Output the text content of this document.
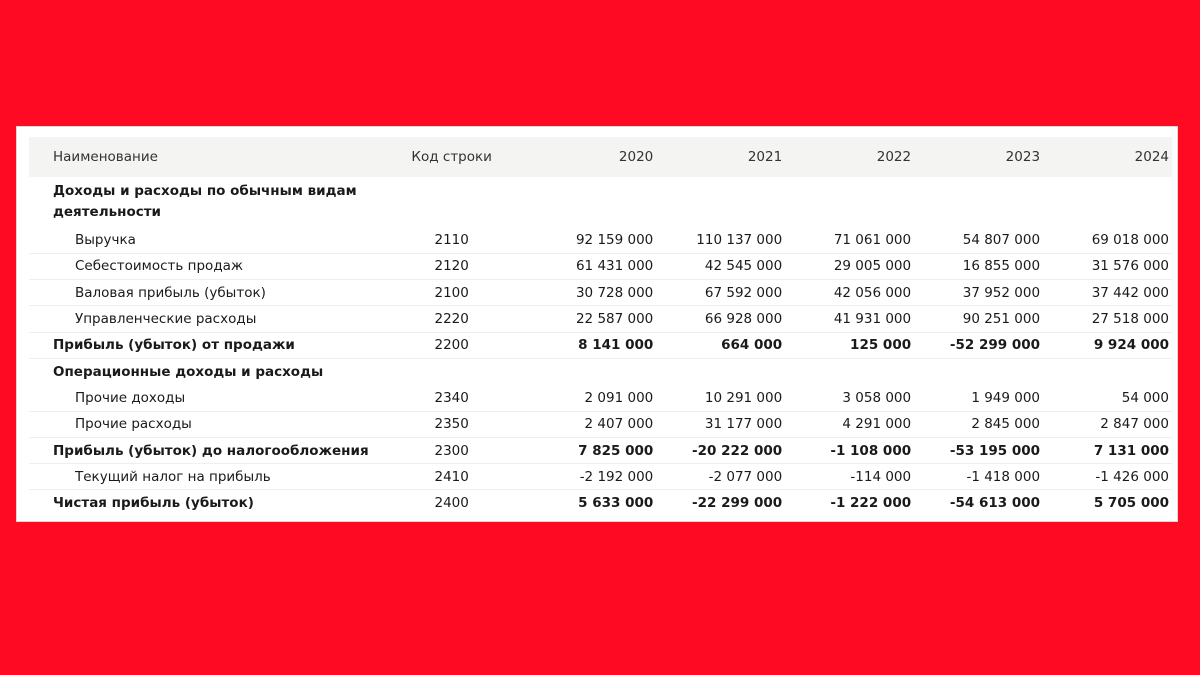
Наименование	Код строки	2020	2021	2022	2023	2024
Доходы и расходы по обычным видам деятельности						
Выручка	2110	92 159 000	110 137 000	71 061 000	54 807 000	69 018 000
Себестоимость продаж	2120	61 431 000	42 545 000	29 005 000	16 855 000	31 576 000
Валовая прибыль (убыток)	2100	30 728 000	67 592 000	42 056 000	37 952 000	37 442 000
Управленческие расходы	2220	22 587 000	66 928 000	41 931 000	90 251 000	27 518 000
Прибыль (убыток) от продажи	2200	8 141 000	664 000	125 000	-52 299 000	9 924 000
Операционные доходы и расходы						
Прочие доходы	2340	2 091 000	10 291 000	3 058 000	1 949 000	54 000
Прочие расходы	2350	2 407 000	31 177 000	4 291 000	2 845 000	2 847 000
Прибыль (убыток) до налогообложения	2300	7 825 000	-20 222 000	-1 108 000	-53 195 000	7 131 000
Текущий налог на прибыль	2410	-2 192 000	-2 077 000	-114 000	-1 418 000	-1 426 000
Чистая прибыль (убыток)	2400	5 633 000	-22 299 000	-1 222 000	-54 613 000	5 705 000
